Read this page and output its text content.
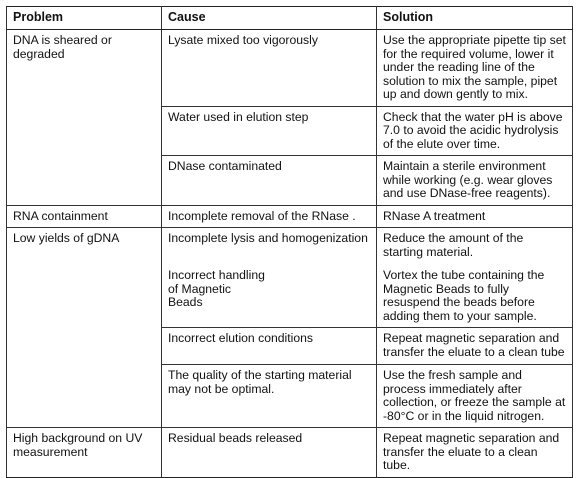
Problem	Cause	Solution
DNA is sheared or degraded	Lysate mixed too vigorously	Use the appropriate pipette tip set for the required volume, lower it under the reading line of the solution to mix the sample, pipet up and down gently to mix.
	Water used in elution step	Check that the water pH is above 7.0 to avoid the acidic hydrolysis of the elute over time.
	DNase contaminated	Maintain a sterile environment while working (e.g. wear gloves and use DNase-free reagents).
RNA containment	Incomplete removal of the RNase .	RNase A treatment
Low yields of gDNA	Incomplete lysis and homogenization	Reduce the amount of the starting material.

	Incorrect handling of Magnetic Beads	Vortex the tube containing the Magnetic Beads to fully resuspend the beads before adding them to your sample.
	Incorrect elution conditions	Repeat magnetic separation and transfer the eluate to a clean tube
	The quality of the starting material may not be optimal.	Use the fresh sample and process immediately after collection, or freeze the sample at -80°C or in the liquid nitrogen.
High background on UV measurement	Residual beads released	Repeat magnetic separation and transfer the eluate to a clean tube.
